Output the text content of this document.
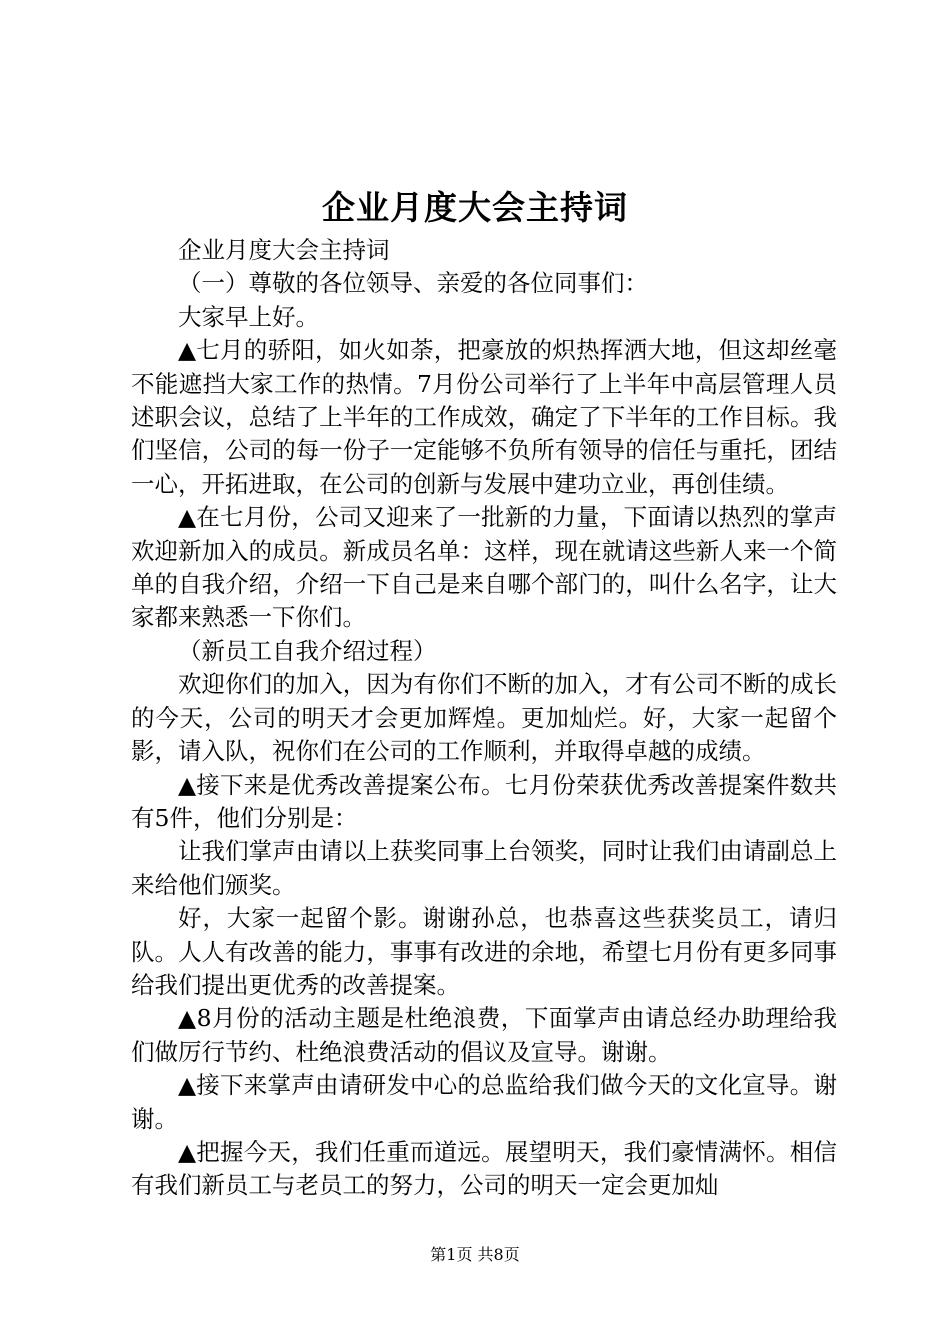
企业月度大会主持词

企业月度大会主持词

（一）尊敬的各位领导、亲爱的各位同事们：

大家早上好。

▲七月的骄阳，如火如荼，把豪放的炽热挥洒大地，但这却丝毫不能遮挡大家工作的热情。7月份公司举行了上半年中高层管理人员述职会议，总结了上半年的工作成效，确定了下半年的工作目标。我们坚信，公司的每一份子一定能够不负所有领导的信任与重托，团结一心，开拓进取，在公司的创新与发展中建功立业，再创佳绩。

▲在七月份，公司又迎来了一批新的力量，下面请以热烈的掌声欢迎新加入的成员。新成员名单：这样，现在就请这些新人来一个简单的自我介绍，介绍一下自己是来自哪个部门的，叫什么名字，让大家都来熟悉一下你们。

（新员工自我介绍过程）

欢迎你们的加入，因为有你们不断的加入，才有公司不断的成长的今天，公司的明天才会更加辉煌。更加灿烂。好，大家一起留个影，请入队，祝你们在公司的工作顺利，并取得卓越的成绩。

▲接下来是优秀改善提案公布。七月份荣获优秀改善提案件数共有5件，他们分别是：

让我们掌声由请以上获奖同事上台领奖，同时让我们由请副总上来给他们颁奖。

好，大家一起留个影。谢谢孙总，也恭喜这些获奖员工，请归队。人人有改善的能力，事事有改进的余地，希望七月份有更多同事给我们提出更优秀的改善提案。

▲8月份的活动主题是杜绝浪费，下面掌声由请总经办助理给我们做厉行节约、杜绝浪费活动的倡议及宣导。谢谢。

▲接下来掌声由请研发中心的总监给我们做今天的文化宣导。谢谢。

▲把握今天，我们任重而道远。展望明天，我们豪情满怀。相信有我们新员工与老员工的努力，公司的明天一定会更加灿

第1页 共8页
